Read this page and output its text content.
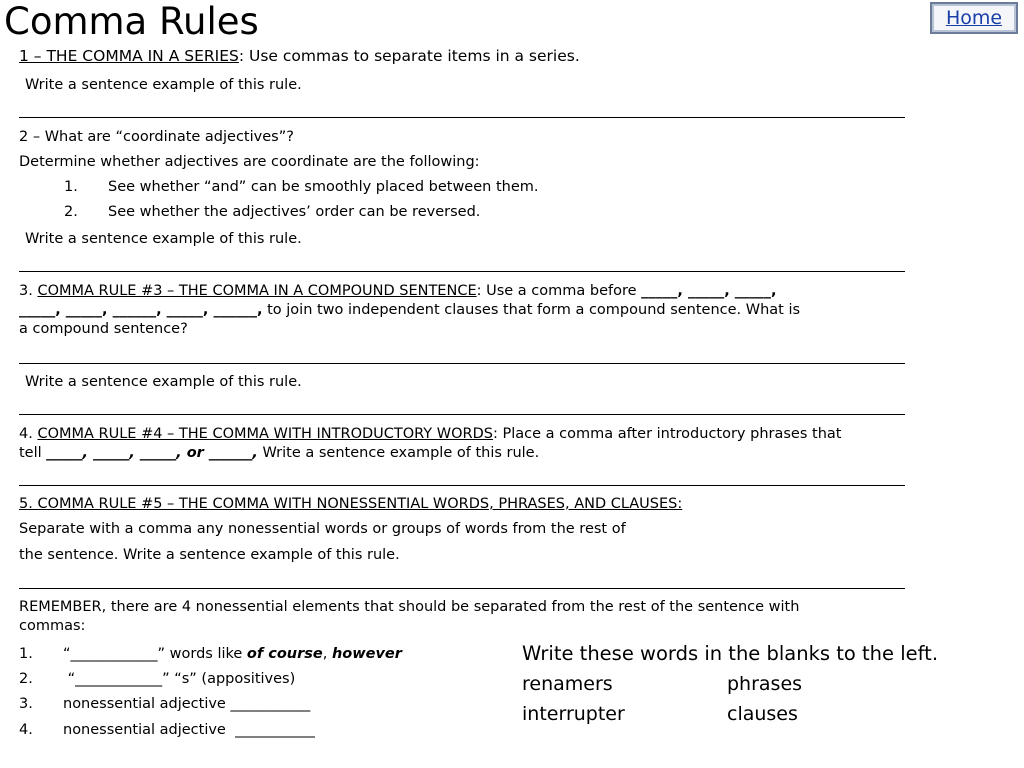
Comma Rules	Home
1 – THE COMMA IN A SERIES: Use commas to separate items in a series.
Write a sentence example of this rule.
2 – What are “coordinate adjectives”?
Determine whether adjectives are coordinate are the following:
1. See whether “and” can be smoothly placed between them.
2. See whether the adjectives’ order can be reversed.
Write a sentence example of this rule.
3. COMMA RULE #3 – THE COMMA IN A COMPOUND SENTENCE: Use a comma before _____, _____, _____,
_____, _____, ______, _____, ______, to join two independent clauses that form a compound sentence. What is
a compound sentence?
Write a sentence example of this rule.
4. COMMA RULE #4 – THE COMMA WITH INTRODUCTORY WORDS: Place a comma after introductory phrases that
tell _____, _____, _____, or ______, Write a sentence example of this rule.
5. COMMA RULE #5 – THE COMMA WITH NONESSENTIAL WORDS, PHRASES, AND CLAUSES:
Separate with a comma any nonessential words or groups of words from the rest of
the sentence. Write a sentence example of this rule.
REMEMBER, there are 4 nonessential elements that should be separated from the rest of the sentence with
commas:
1. “____________” words like of course, however
2. “____________” “s” (appositives)
3. nonessential adjective ___________
4. nonessential adjective  ___________
Write these words in the blanks to the left.
renamers	phrases
interrupter	clauses
